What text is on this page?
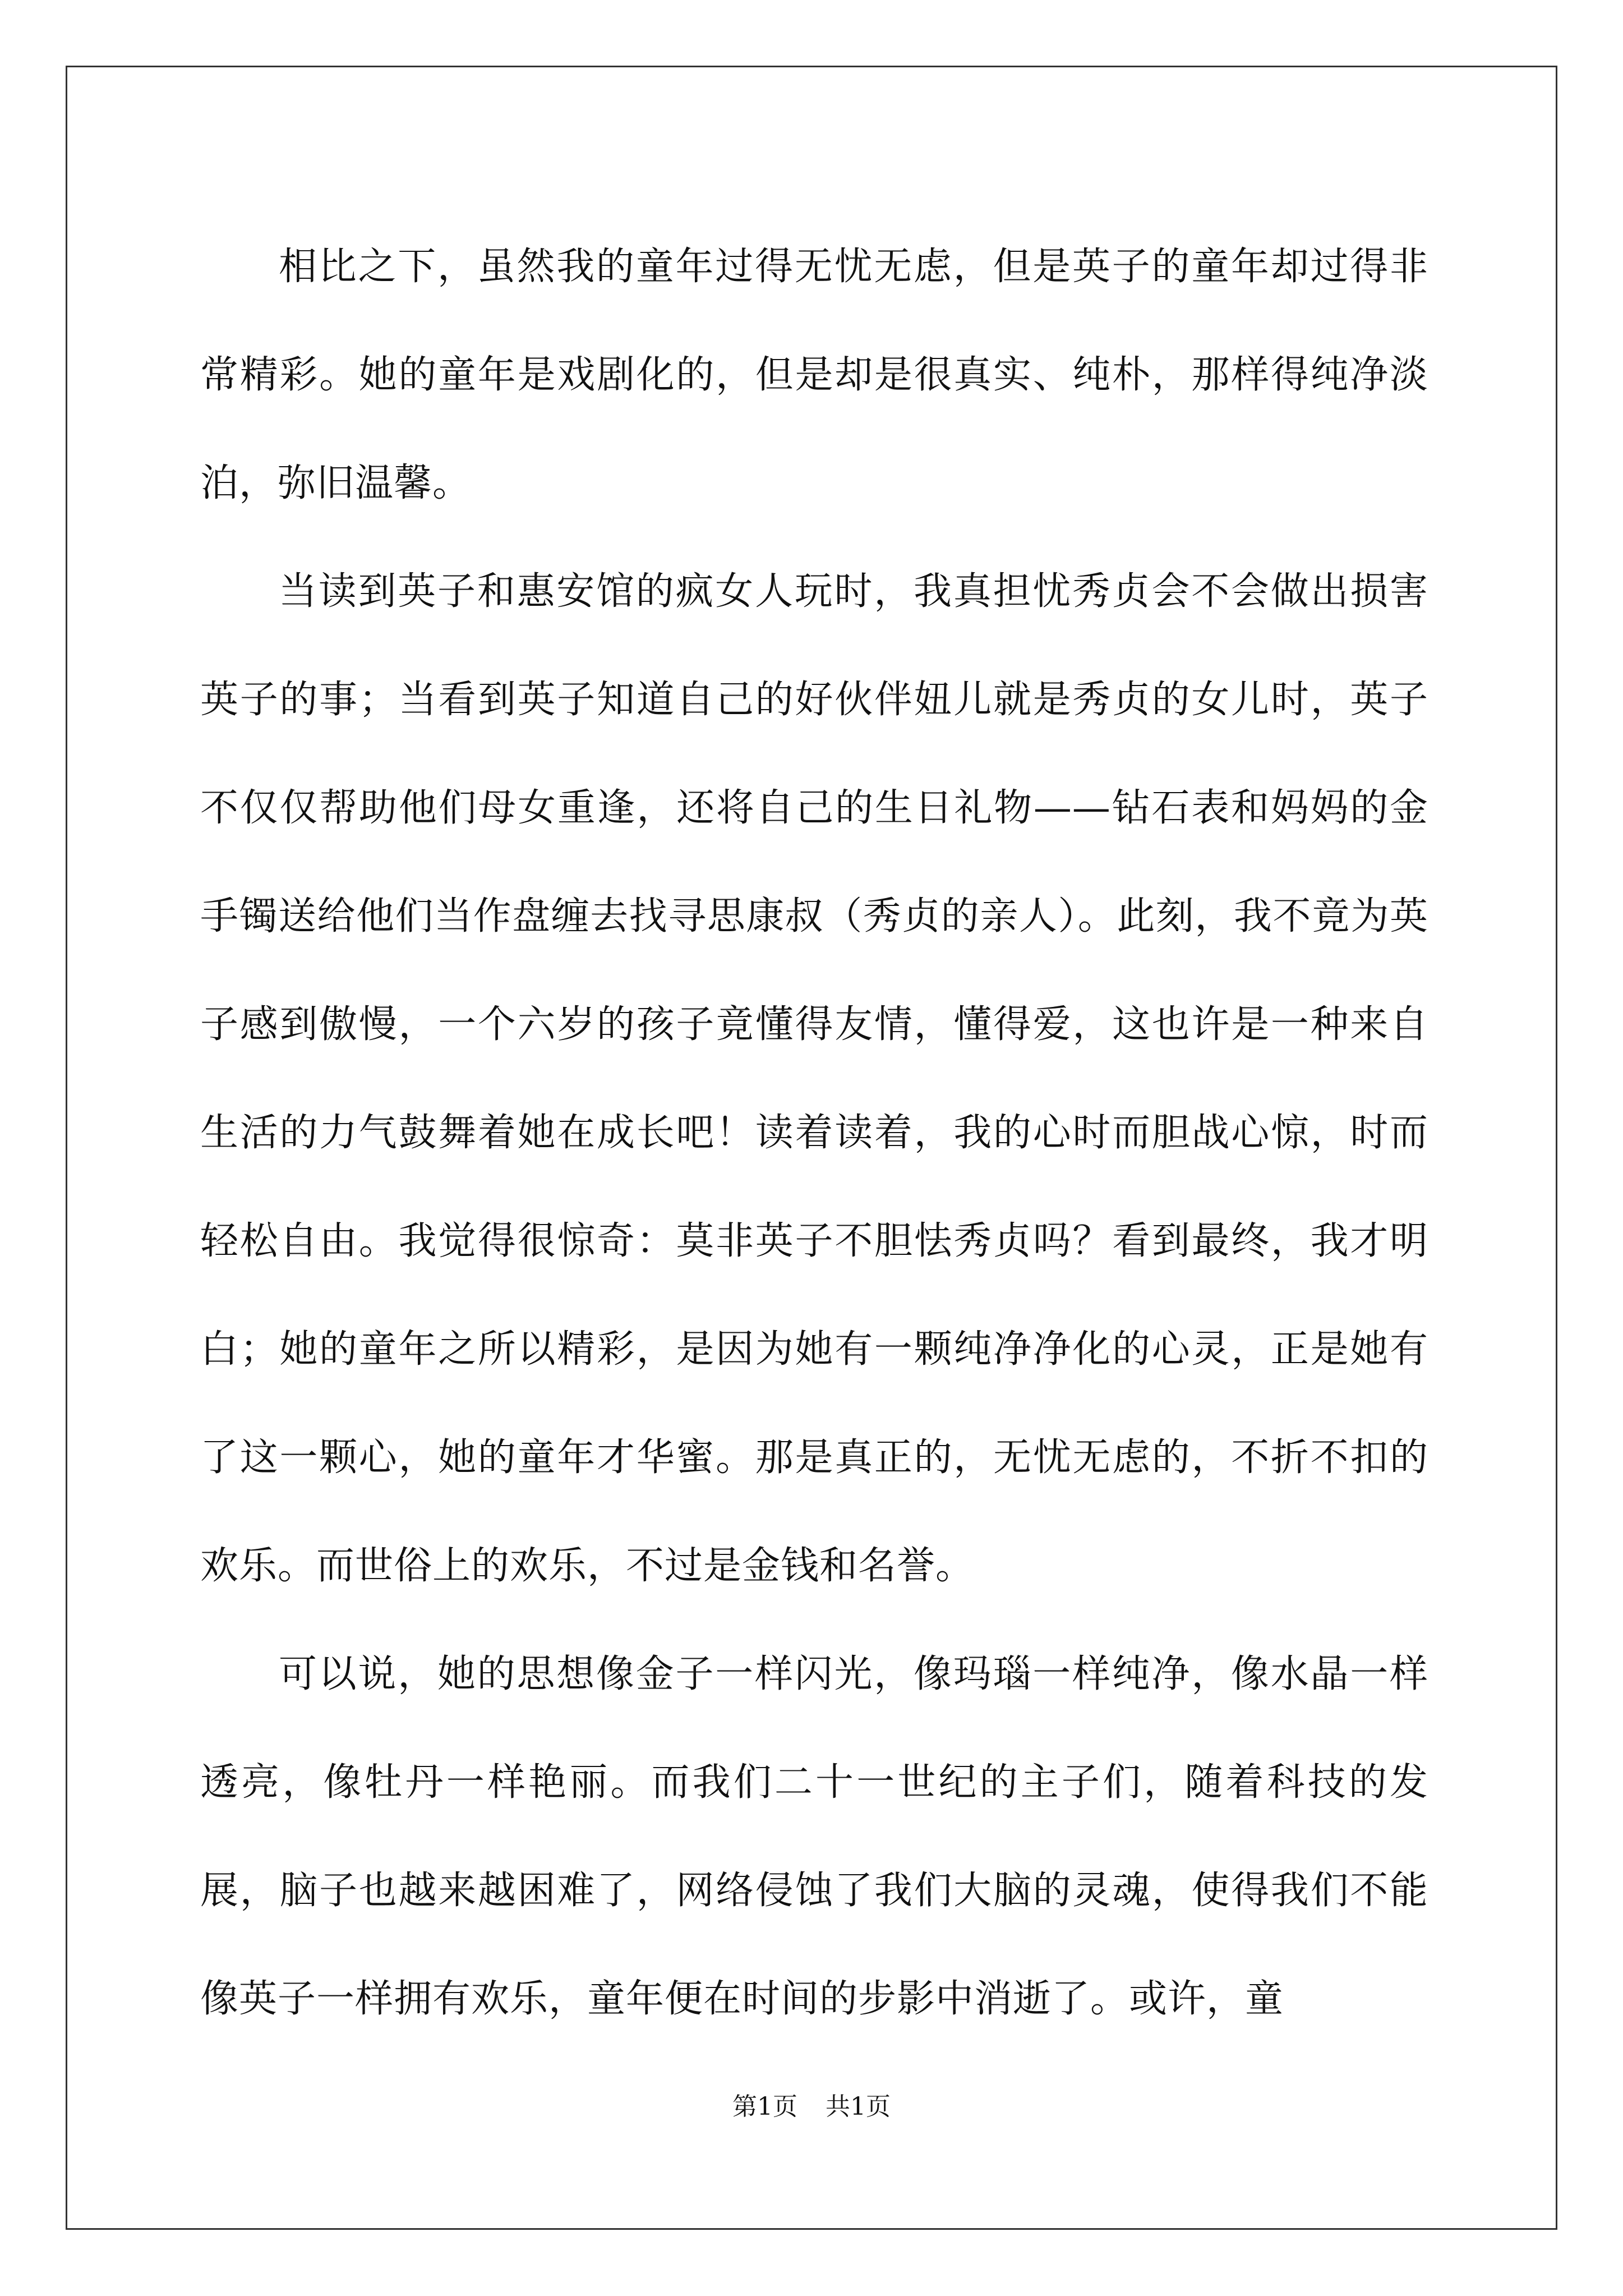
相比之下，虽然我的童年过得无忧无虑，但是英子的童年却过得非常精彩。她的童年是戏剧化的，但是却是很真实、纯朴，那样得纯净淡泊，弥旧温馨。

当读到英子和惠安馆的疯女人玩时，我真担忧秀贞会不会做出损害英子的事；当看到英子知道自己的好伙伴妞儿就是秀贞的女儿时，英子不仅仅帮助他们母女重逢，还将自己的生日礼物——钻石表和妈妈的金手镯送给他们当作盘缠去找寻思康叔（秀贞的亲人）。此刻，我不竟为英子感到傲慢，一个六岁的孩子竟懂得友情，懂得爱，这也许是一种来自生活的力气鼓舞着她在成长吧！读着读着，我的心时而胆战心惊，时而轻松自由。我觉得很惊奇：莫非英子不胆怯秀贞吗？看到最终，我才明白；她的童年之所以精彩，是因为她有一颗纯净净化的心灵，正是她有了这一颗心，她的童年才华蜜。那是真正的，无忧无虑的，不折不扣的欢乐。而世俗上的欢乐，不过是金钱和名誉。

可以说，她的思想像金子一样闪光，像玛瑙一样纯净，像水晶一样透亮，像牡丹一样艳丽。而我们二十一世纪的主子们，随着科技的发展，脑子也越来越困难了，网络侵蚀了我们大脑的灵魂，使得我们不能像英子一样拥有欢乐，童年便在时间的步影中消逝了。或许，童

第1页 共1页
